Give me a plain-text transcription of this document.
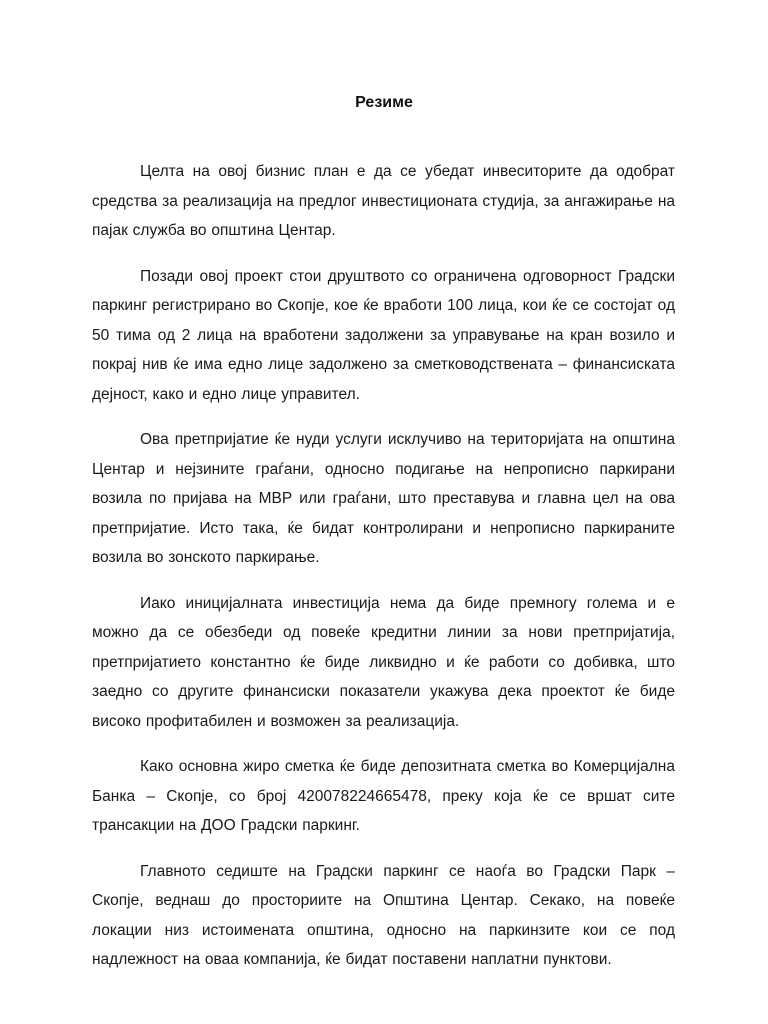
Резиме

Целта на овој бизнис план е да се убедат инвеситорите да одобрат средства за реализација на предлог инвестиционата студија, за ангажирање на пајак служба во општина Центар.

Позади овој проект стои друштвото со ограничена одговорност Градски паркинг регистрирано во Скопје, кое ќе вработи 100 лица, кои ќе се состојат од 50 тима од 2 лица на вработени задолжени за управување на кран возило и покрај нив ќе има едно лице задолжено за сметководствената – финансиската дејност, како и едно лице управител.

Ова претпријатие ќе нуди услуги исклучиво на територијата на општина Центар и нејзините граѓани, односно подигање на непрописно паркирани возила по пријава на МВР или граѓани, што преставува и главна цел на ова претпријатие. Исто така, ќе бидат контролирани и непрописно паркираните возила во зонското паркирање.

Иако иницијалната инвестиција нема да биде премногу голема и е можно да се обезбеди од повеќе кредитни линии за нови претпријатија, претпријатието константно ќе биде ликвидно и ќе работи со добивка, што заедно со другите финансиски показатели укажува дека проектот ќе биде високо профитабилен и возможен за реализација.

Како основна жиро сметка ќе биде депозитната сметка во Комерцијална Банка – Скопје, со број 420078224665478, преку која ќе се вршат сите трансакции на ДОО Градски паркинг.

Главното седиште на Градски паркинг се наоѓа во Градски Парк – Скопје, веднаш до просториите на Општина Центар. Секако, на повеќе локации низ истоимената општина, односно на паркинзите кои се под надлежност на оваа компанија, ќе бидат поставени наплатни пунктови.
